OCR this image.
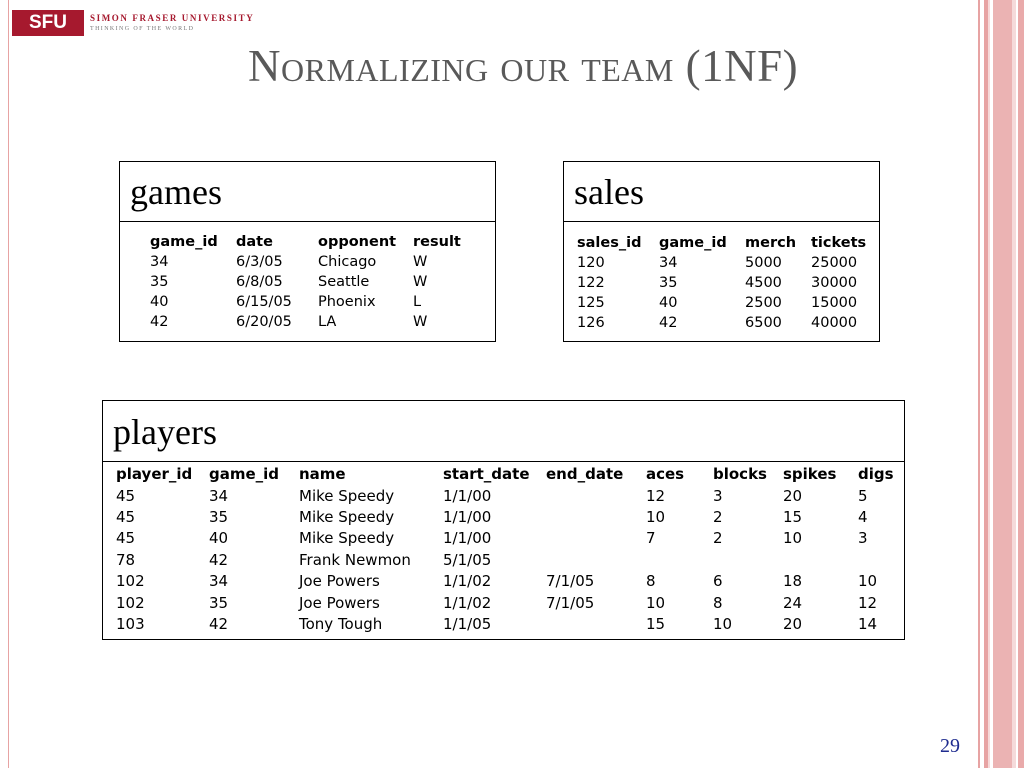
SFU	SIMON FRASER UNIVERSITY
THINKING OF THE WORLD
Normalizing our team (1NF)
games
game_id	date	opponent	result
34	6/3/05	Chicago	W
35	6/8/05	Seattle	W
40	6/15/05	Phoenix	L
42	6/20/05	LA	W
sales
sales_id	game_id	merch	tickets
120	34	5000	25000
122	35	4500	30000
125	40	2500	15000
126	42	6500	40000
players
player_id	game_id	name	start_date	end_date	aces	blocks	spikes	digs
45	34	Mike Speedy	1/1/00		12	3	20	5
45	35	Mike Speedy	1/1/00		10	2	15	4
45	40	Mike Speedy	1/1/00		7	2	10	3
78	42	Frank Newmon	5/1/05					
102	34	Joe Powers	1/1/02	7/1/05	8	6	18	10
102	35	Joe Powers	1/1/02	7/1/05	10	8	24	12
103	42	Tony Tough	1/1/05		15	10	20	14
29
